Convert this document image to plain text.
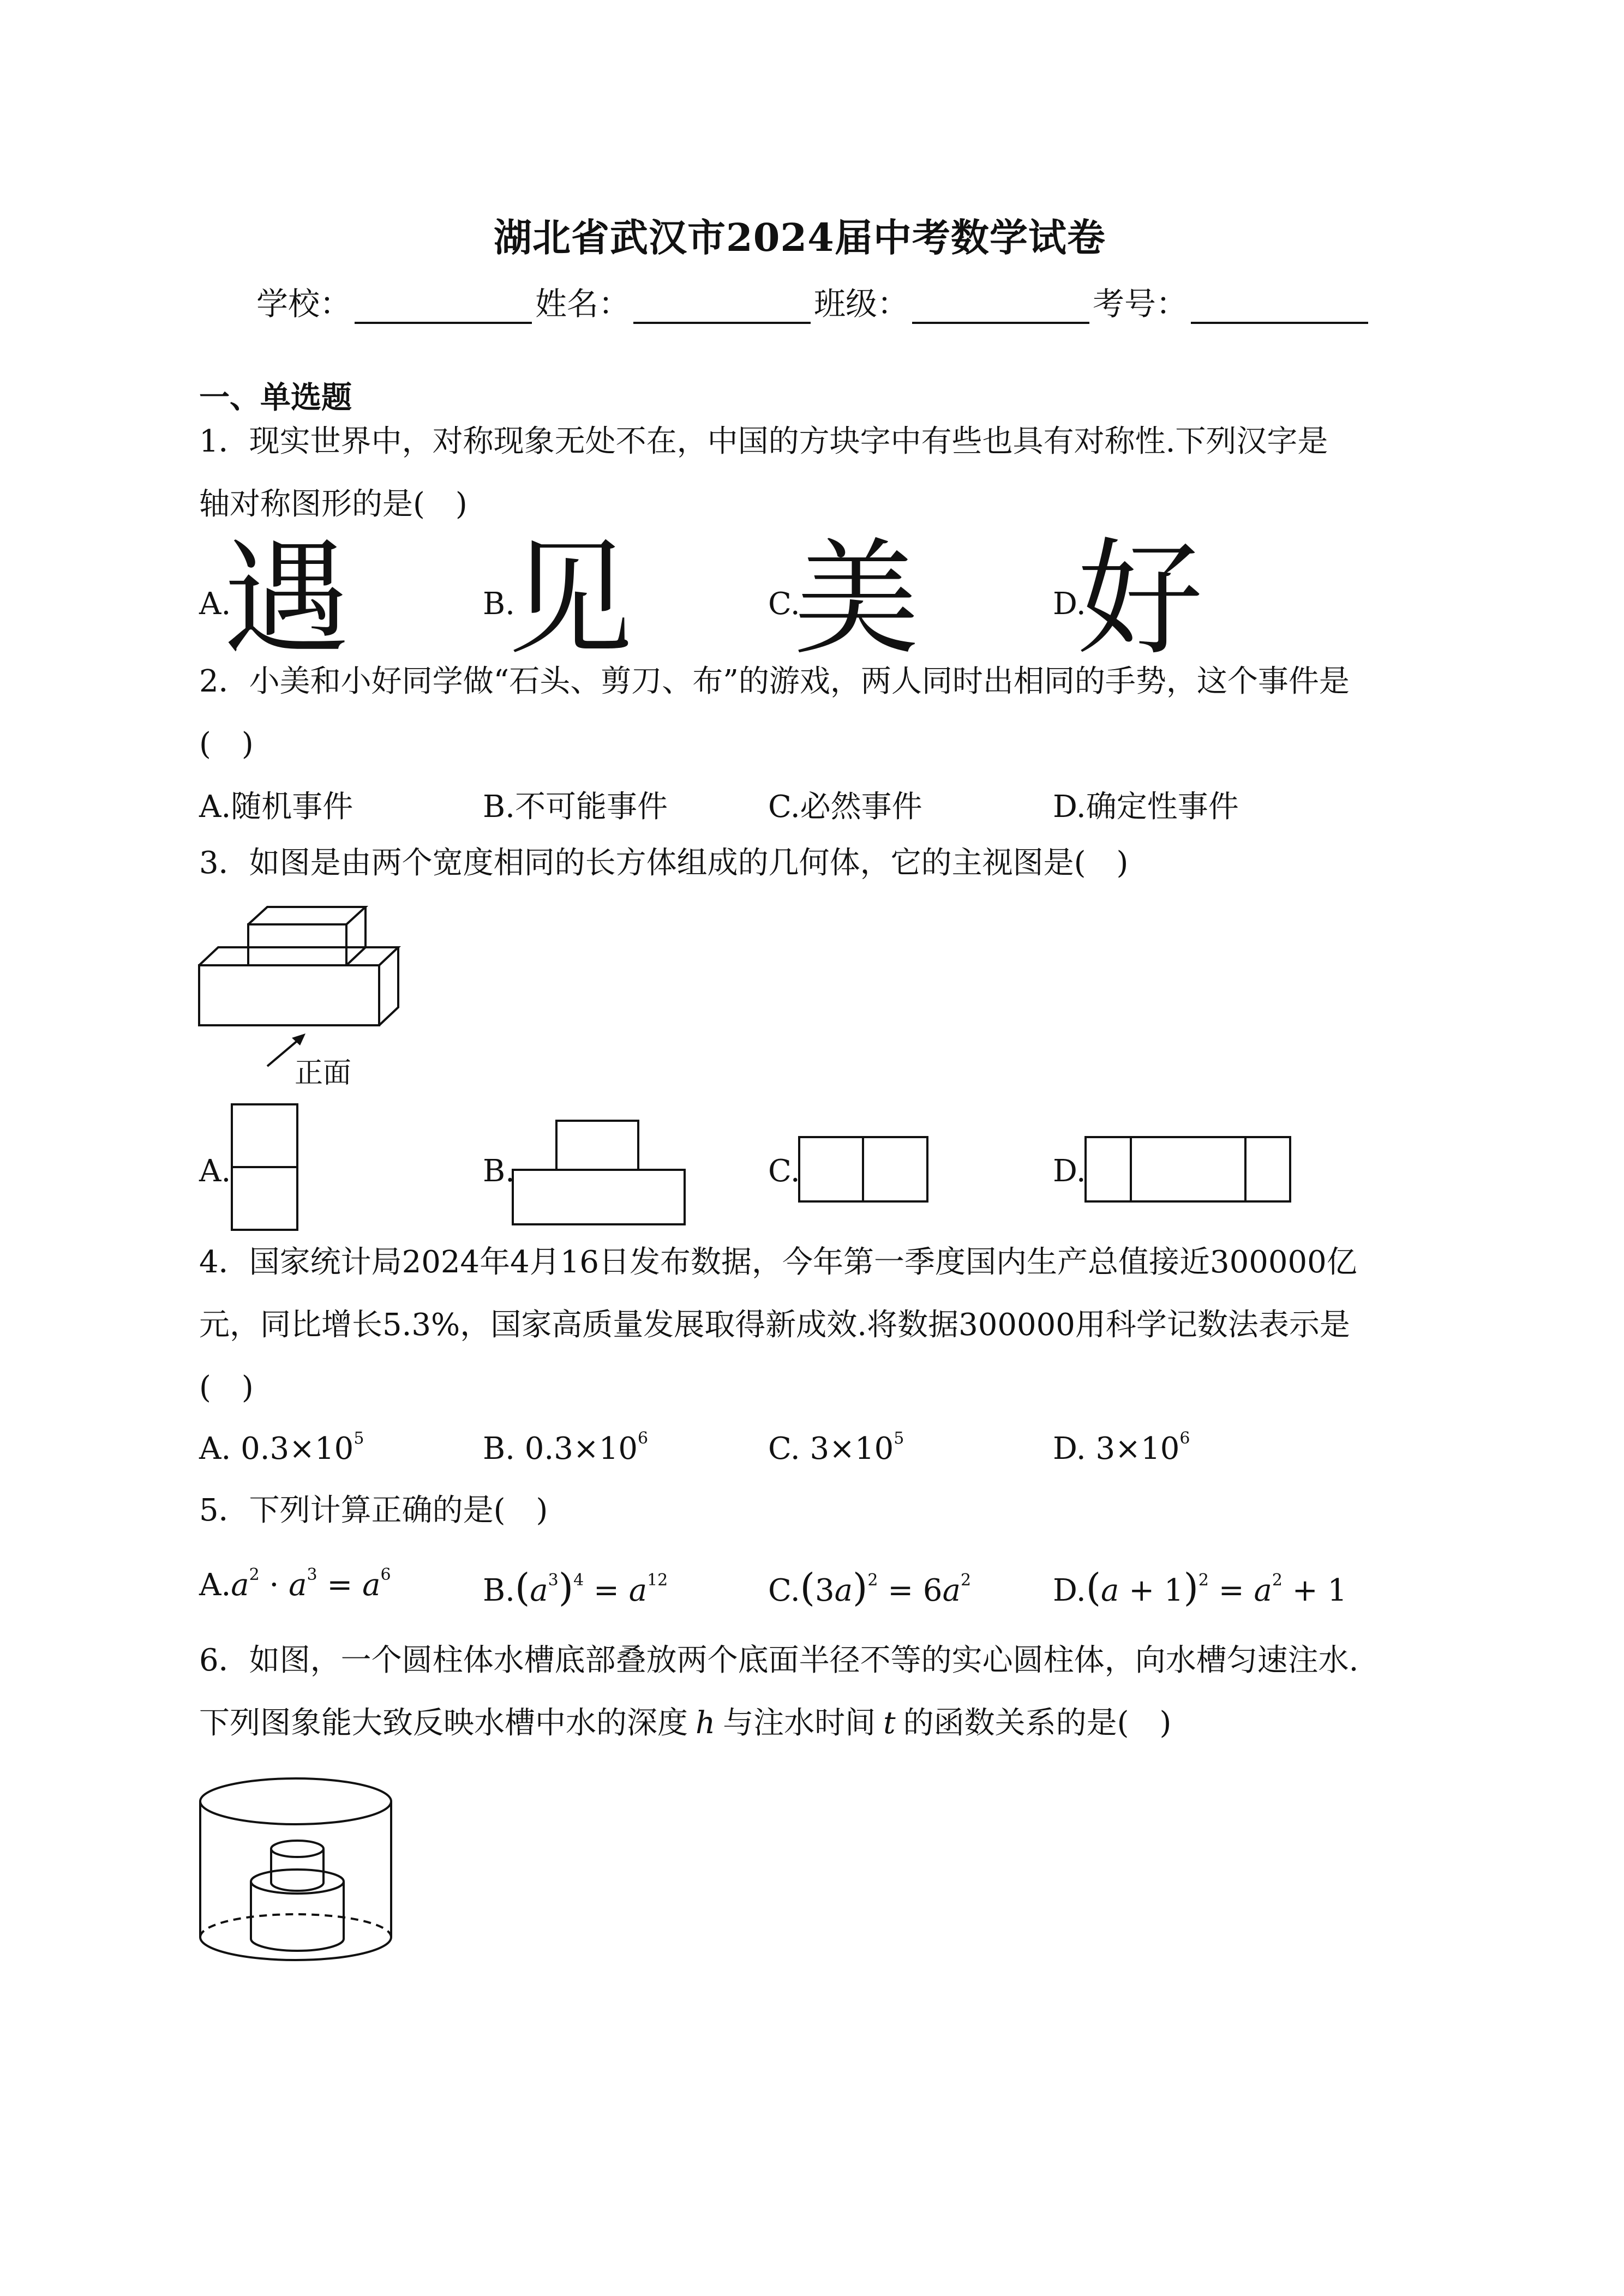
湖北省武汉市2024届中考数学试卷
学校：	姓名：	班级：	考号：
一、单选题
1．现实世界中，对称现象无处不在，中国的方块字中有些也具有对称性.下列汉字是
轴对称图形的是(　)
A.
遇	B.
见	C.
美	D.
好
2．小美和小好同学做“石头、剪刀、布”的游戏，两人同时出相同的手势，这个事件是
(　)
A.随机事件	B.不可能事件	C.必然事件	D.确定性事件
3．如图是由两个宽度相同的长方体组成的几何体，它的主视图是(　)
正面
A.	B.	C.	D.
4．国家统计局2024年4月16日发布数据，今年第一季度国内生产总值接近300000亿
元，同比增长5.3%，国家高质量发展取得新成效.将数据300000用科学记数法表示是
(　)
A. $0.3\times 10^5$	B. $0.3\times 10^6$	C. $3\times 10^5$	D. $3\times 10^6$
5．下列计算正确的是(　)
$A.a^2 \cdot a^3 = a^6$	$B.(a^3)^4 = a^{12}$	$C.(3a)^2 = 6a^2$	$D.(a + 1)^2 = a^2 + 1$
6．如图，一个圆柱体水槽底部叠放两个底面半径不等的实心圆柱体，向水槽匀速注水.
下列图象能大致反映水槽中水的深度 h 与注水时间 t 的函数关系的是(　)
